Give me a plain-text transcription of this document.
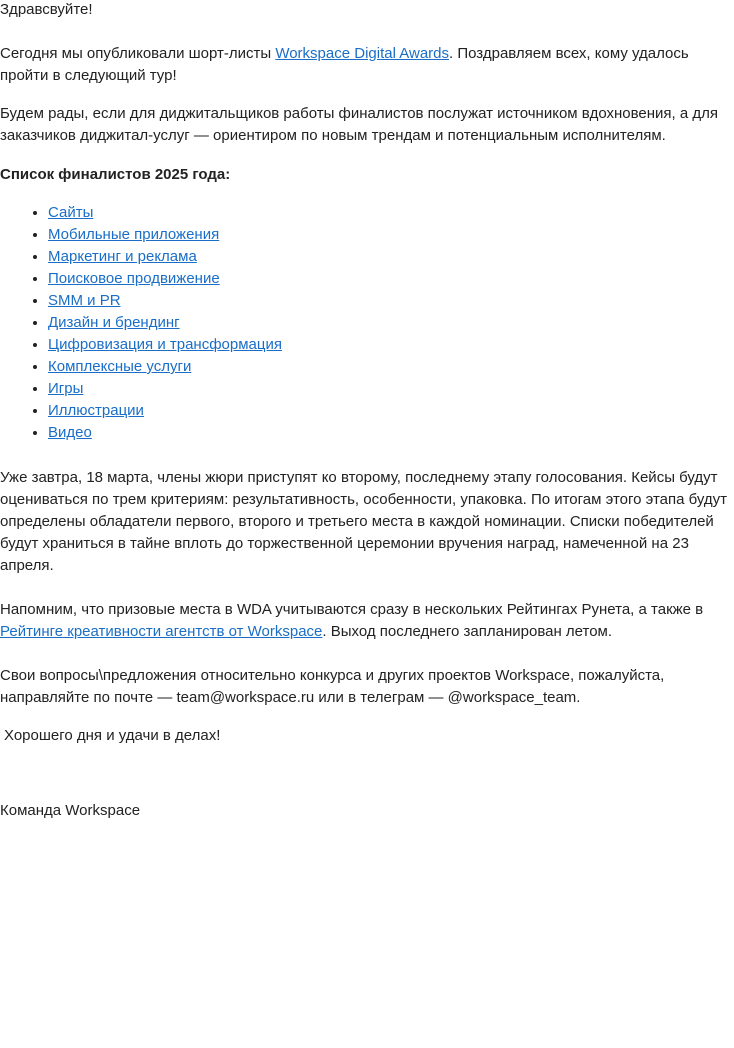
Здравсвуйте!

Сегодня мы опубликовали шорт-листы Workspace Digital Awards. Поздравляем всех, кому удалось пройти в следующий тур!

Будем рады, если для диджитальщиков работы финалистов послужат источником вдохновения, а для заказчиков диджитал-услуг — ориентиром по новым трендам и потенциальным исполнителям.

Список финалистов 2025 года:

• Сайты
• Мобильные приложения
• Маркетинг и реклама
• Поисковое продвижение
• SMM и PR
• Дизайн и брендинг
• Цифровизация и трансформация
• Комплексные услуги
• Игры
• Иллюстрации
• Видео

Уже завтра, 18 марта, члены жюри приступят ко второму, последнему этапу голосования. Кейсы будут оцениваться по трем критериям: результативность, особенности, упаковка. По итогам этого этапа будут определены обладатели первого, второго и третьего места в каждой номинации. Списки победителей будут храниться в тайне вплоть до торжественной церемонии вручения наград, намеченной на 23 апреля.

Напомним, что призовые места в WDA учитываются сразу в нескольких Рейтингах Рунета, а также в Рейтинге креативности агентств от Workspace. Выход последнего запланирован летом.

Свои вопросы\предложения относительно конкурса и других проектов Workspace, пожалуйста, направляйте по почте — team@workspace.ru или в телеграм — @workspace_team.

Хорошего дня и удачи в делах!

Команда Workspace
